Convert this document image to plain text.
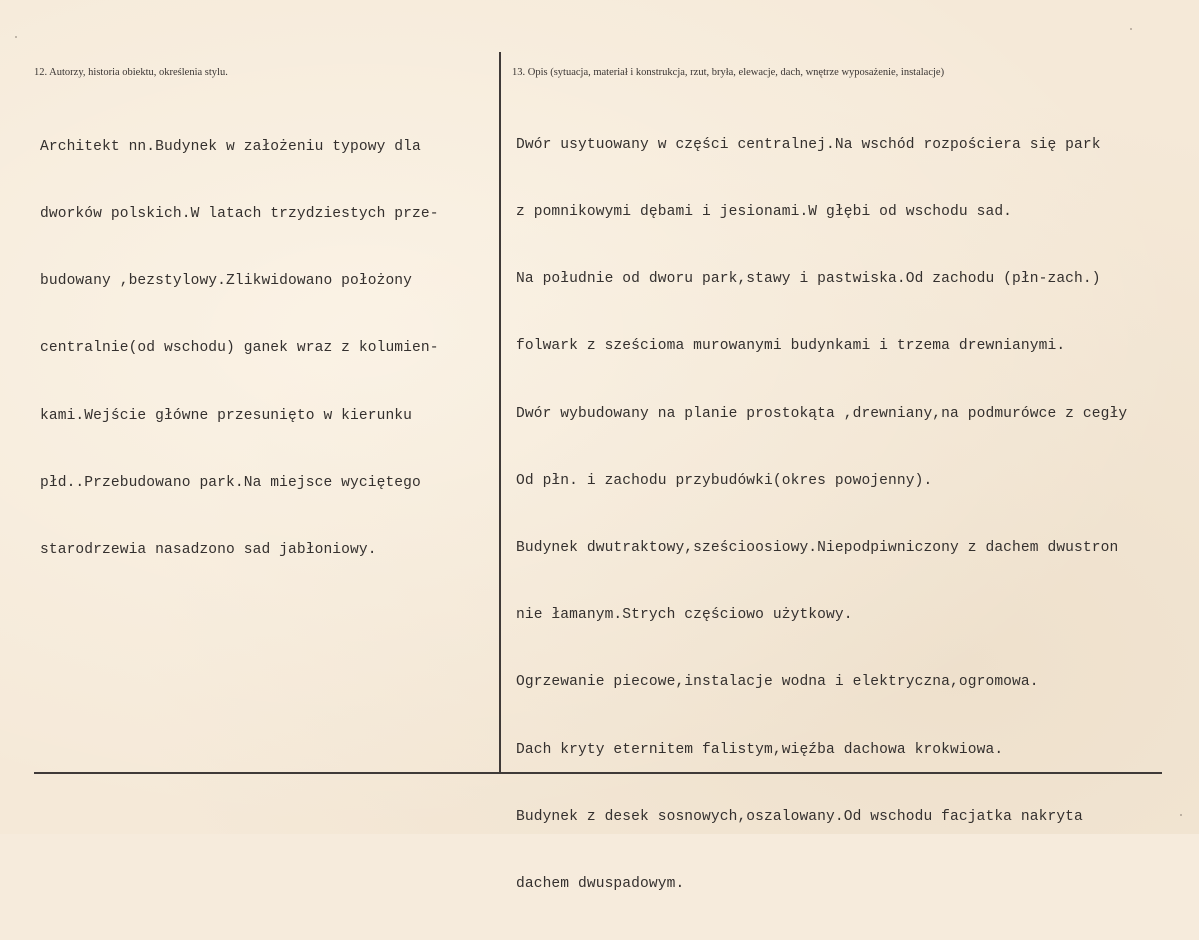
12. Autorzy, historia obiektu, określenia stylu.

Architekt nn.Budynek w założeniu typowy dla

dworków polskich.W latach trzydziestych prze-

budowany ,bezstylowy.Zlikwidowano położony

centralnie(od wschodu) ganek wraz z kolumien-

kami.Wejście główne przesunięto w kierunku

płd..Przebudowano park.Na miejsce wyciętego

starodrzewia nasadzono sad jabłoniowy.

13. Opis (sytuacja, materiał i konstrukcja, rzut, bryła, elewacje, dach, wnętrze wyposażenie, instalacje)

Dwór usytuowany w części centralnej.Na wschód rozpościera się park

z pomnikowymi dębami i jesionami.W głębi od wschodu sad.

Na południe od dworu park,stawy i pastwiska.Od zachodu (płn-zach.)

folwark z sześcioma murowanymi budynkami i trzema drewnianymi.

Dwór wybudowany na planie prostokąta ,drewniany,na podmurówce z cegły

Od płn. i zachodu przybudówki(okres powojenny).

Budynek dwutraktowy,sześcioosiowy.Niepodpiwniczony z dachem dwustron

nie łamanym.Strych częściowo użytkowy.

Ogrzewanie piecowe,instalacje wodna i elektryczna,ogromowa.

Dach kryty eternitem falistym,więźba dachowa krokwiowa.

Budynek z desek sosnowych,oszalowany.Od wschodu facjatka nakryta

dachem dwuspadowym.
